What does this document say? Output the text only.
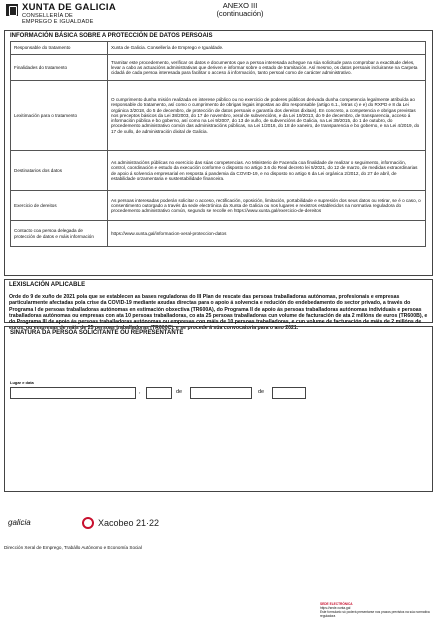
XUNTA DE GALICIA
CONSELLERÍA DE
EMPREGO E IGUALDADE
ANEXO III
(continuación)
INFORMACIÓN BÁSICA SOBRE A PROTECCIÓN DE DATOS PERSOAIS
Responsable do tratamento	Xunta de Galicia. Consellería de Emprego e Igualdade.
Finalidades do tratamento	Tramitar este procedemento, verificar os datos e documentos que a persoa interesada achegue na súa solicitude para comprobar a exactitude deles, levar a cabo as actuacións administrativas que deriven e informar sobre o estado de tramitación. Así mesmo, os datos persoais incluiranse na Carpeta cidadá de cada persoa interesada para facilitar o acceso á información, tanto persoal como de carácter administrativo.
Lexitimación para o tratamento	O cumprimento dunha misión realizada en interese público ou no exercicio de poderes públicos derivada dunha competencia legalmente atribuída ao responsable do tratamento, así como o cumprimento de obrigas legais impostas ao dito responsable (artigo 6.1., letras c) e e) do RXPD e 8 da Lei orgánica 3/2018, do 5 de decembro, de protección de datos persoais e garantía dos dereitos dixitais). En concreto, a competencia e obrigas previstas nos preceptos básicos da Lei 38/2003, do 17 de novembro, xeral de subvencións, e da Lei 19/2013, do 9 de decembro, de transparencia, acceso á información pública e bo goberno, así como na Lei 9/2007, do 13 de xuño, de subvencións de Galicia, na Lei 39/2015, do 1 de outubro, do procedemento administrativo común das administracións públicas, na Lei 1/2016, do 18 de xaneiro, de transparencia e bo goberno, e na Lei 4/2019, do 17 de xullo, de administración dixital de Galicia.
Destinatarios dos datos	As administracións públicas no exercicio das súas competencias. Ao Ministerio de Facenda coa finalidade de realizar o seguimento, información, control, coordinación e estudo da execución conforme o disposto no artigo 3.6 do Real decreto lei 5/2021, do 12 de marzo, de medidas extraordinarias de apoio á solvencia empresarial en resposta á pandemia da COVID-19, e no disposto no artigo 6 da Lei orgánica 2/2012, do 27 de abril, de estabilidade orzamentaria e sustentabilidade financeira.
Exercicio de dereitos	As persoas interesadas poderán solicitar o acceso, rectificación, oposición, limitación, portabilidade e supresión dos seus datos ou retirar, se é o caso, o consentimento outorgado a través da sede electrónica da Xunta de Galicia ou nos lugares e rexistros establecidos na normativa reguladora do procedemento administrativo común, segundo se recolle en https://www.xunta.gal/exercicio-de-dereitos
Contacto coa persoa delegada de protección de datos e máis información	https://www.xunta.gal/informacion-xeral-proteccion-datos
LEXISLACIÓN APLICABLE
Orde do 9 de xuño de 2021 pola que se establecen as bases reguladoras do III Plan de rescate das persoas traballadoras autónomas, profesionais e empresas particularmente afectadas pola crise da COVID-19 mediante axudas directas para o apoio á solvencia e redución do endebedamento do sector privado, a través do Programa I de persoas traballadoras autónomas en estimación obxectiva (TR600A), do Programa II de apoio ás persoas traballadoras autónomas individuais e persoas traballadoras autónomas ou empresas con ata 10 persoas traballadoras, co ata 25 persoas traballadoras cun volume de facturación de ata 2 millóns de euros (TR600B), e do Programa III de apoio ás persoas traballadoras autónomas ou empresas con máis de 10 persoas traballadoras, e cun volume de facturación de máis de 2 millóns de euros, ou empresas de máis de 25 persoas traballadoras (TR600C), e se procede á súa convocatoria para o ano 2021.
SINATURA DA PERSOA SOLICITANTE OU REPRESENTANTE
Lugar e data
,	de	de
galicia	Xacobeo 21·22
Dirección Xeral de Emprego, Trabállo Autónomo e Economía Social
SEDE ELECTRÓNICA
https://sede.xunta.gal
Este formulario só poderá presentarse nos prazos previstos na súa normativa reguladora
